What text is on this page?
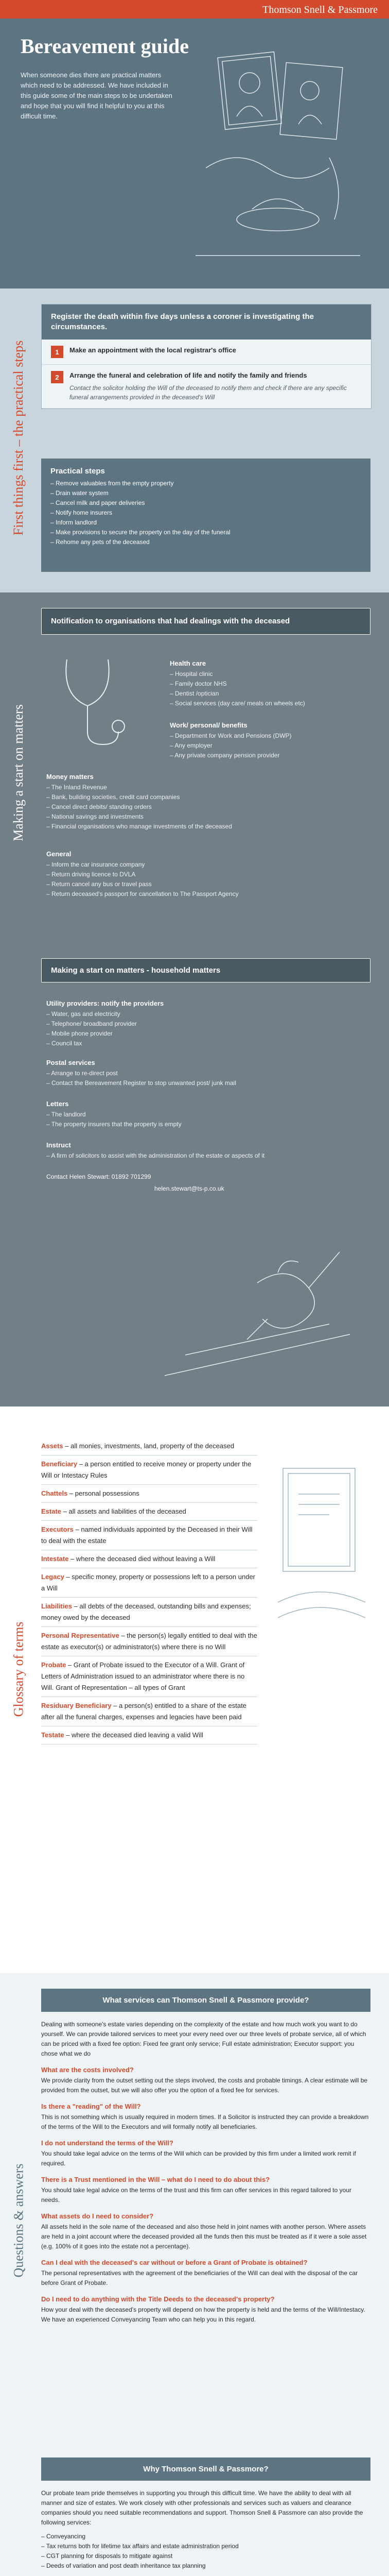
Thomson Snell & Passmore
Bereavement guide
When someone dies there are practical matters which need to be addressed. We have included in this guide some of the main steps to be undertaken and hope that you will find it helpful to you at this difficult time.
First things first – the practical steps
Register the death within five days unless a coroner is investigating the circumstances.
1	Make an appointment with the local registrar's office
2	Arrange the funeral and celebration of life and notify the family and friends
Contact the solicitor holding the Will of the deceased to notify them and check if there are any specific funeral arrangements provided in the deceased's Will
Practical steps
– Remove valuables from the empty property
– Drain water system
– Cancel milk and paper deliveries
– Notify home insurers
– Inform landlord
– Make provisions to secure the property on the day of the funeral
– Rehome any pets of the deceased
Making a start on matters
Notification to organisations that had dealings with the deceased
Health care
– Hospital clinic
– Family doctor NHS
– Dentist /optician
– Social services (day care/ meals on wheels etc)
Work/ personal/ benefits
– Department for Work and Pensions (DWP)
– Any employer
– Any private company pension provider
Money matters
– The Inland Revenue
– Bank, building societies, credit card companies
– Cancel direct debits/ standing orders
– National savings and investments
– Financial organisations who manage investments of the deceased
General
– Inform the car insurance company
– Return driving licence to DVLA
– Return cancel any bus or travel pass
– Return deceased's passport for cancellation to The Passport Agency
Making a start on matters - household matters
Utility providers: notify the providers
– Water, gas and electricity
– Telephone/ broadband provider
– Mobile phone provider
– Council tax
Postal services
– Arrange to re-direct post
– Contact the Bereavement Register to stop unwanted post/ junk mail
Letters
– The landlord
– The property insurers that the property is empty
Instruct
– A firm of solicitors to assist with the administration of the estate or aspects of it
Contact Helen Stewart: 01892 701299
helen.stewart@ts-p.co.uk
Glossary of terms
Assets – all monies, investments, land, property of the deceased
Beneficiary – a person entitled to receive money or property under the Will or Intestacy Rules
Chattels – personal possessions
Estate – all assets and liabilities of the deceased
Executors – named individuals appointed by the Deceased in their Will to deal with the estate
Intestate – where the deceased died without leaving a Will
Legacy – specific money, property or possessions left to a person under a Will
Liabilities – all debts of the deceased, outstanding bills and expenses; money owed by the deceased
Personal Representative – the person(s) legally entitled to deal with the estate as executor(s) or administrator(s) where there is no Will
Probate – Grant of Probate issued to the Executor of a Will. Grant of Letters of Administration issued to an administrator where there is no Will. Grant of Representation – all types of Grant
Residuary Beneficiary – a person(s) entitled to a share of the estate after all the funeral charges, expenses and legacies have been paid
Testate – where the deceased died leaving a valid Will
Questions & answers
What services can Thomson Snell & Passmore provide?
Dealing with someone's estate varies depending on the complexity of the estate and how much work you want to do yourself. We can provide tailored services to meet your every need over our three levels of probate service, all of which can be priced with a fixed fee option: Fixed fee grant only service; Full estate administration; Executor support: you chose what we do
What are the costs involved?
We provide clarity from the outset setting out the steps involved, the costs and probable timings. A clear estimate will be provided from the outset, but we will also offer you the option of a fixed fee for services.
Is there a "reading" of the Will?
This is not something which is usually required in modern times. If a Solicitor is instructed they can provide a breakdown of the terms of the Will to the Executors and will formally notify all beneficiaries.
I do not understand the terms of the Will?
You should take legal advice on the terms of the Will which can be provided by this firm under a limited work remit if required.
There is a Trust mentioned in the Will – what do I need to do about this?
You should take legal advice on the terms of the trust and this firm can offer services in this regard tailored to your needs.
What assets do I need to consider?
All assets held in the sole name of the deceased and also those held in joint names with another person. Where assets are held in a joint account where the deceased provided all the funds then this must be treated as if it were a sole asset (e.g. 100% of it goes into the estate not a percentage).
Can I deal with the deceased's car without or before a Grant of Probate is obtained?
The personal representatives with the agreement of the beneficiaries of the Will can deal with the disposal of the car before Grant of Probate.
Do I need to do anything with the Title Deeds to the deceased's property?
How your deal with the deceased's property will depend on how the property is held and the terms of the Will/Intestacy. We have an experienced Conveyancing Team who can help you in this regard.
Why Thomson Snell & Passmore?
Our probate team pride themselves in supporting you through this difficult time. We have the ability to deal with all manner and size of estates. We work closely with other professionals and services such as valuers and clearance companies should you need suitable recommendations and support. Thomson Snell & Passmore can also provide the following services:
– Conveyancing
– Tax returns both for lifetime tax affairs and estate administration period
– CGT planning for disposals to mitigate against
– Deeds of variation and post death inheritance tax planning
